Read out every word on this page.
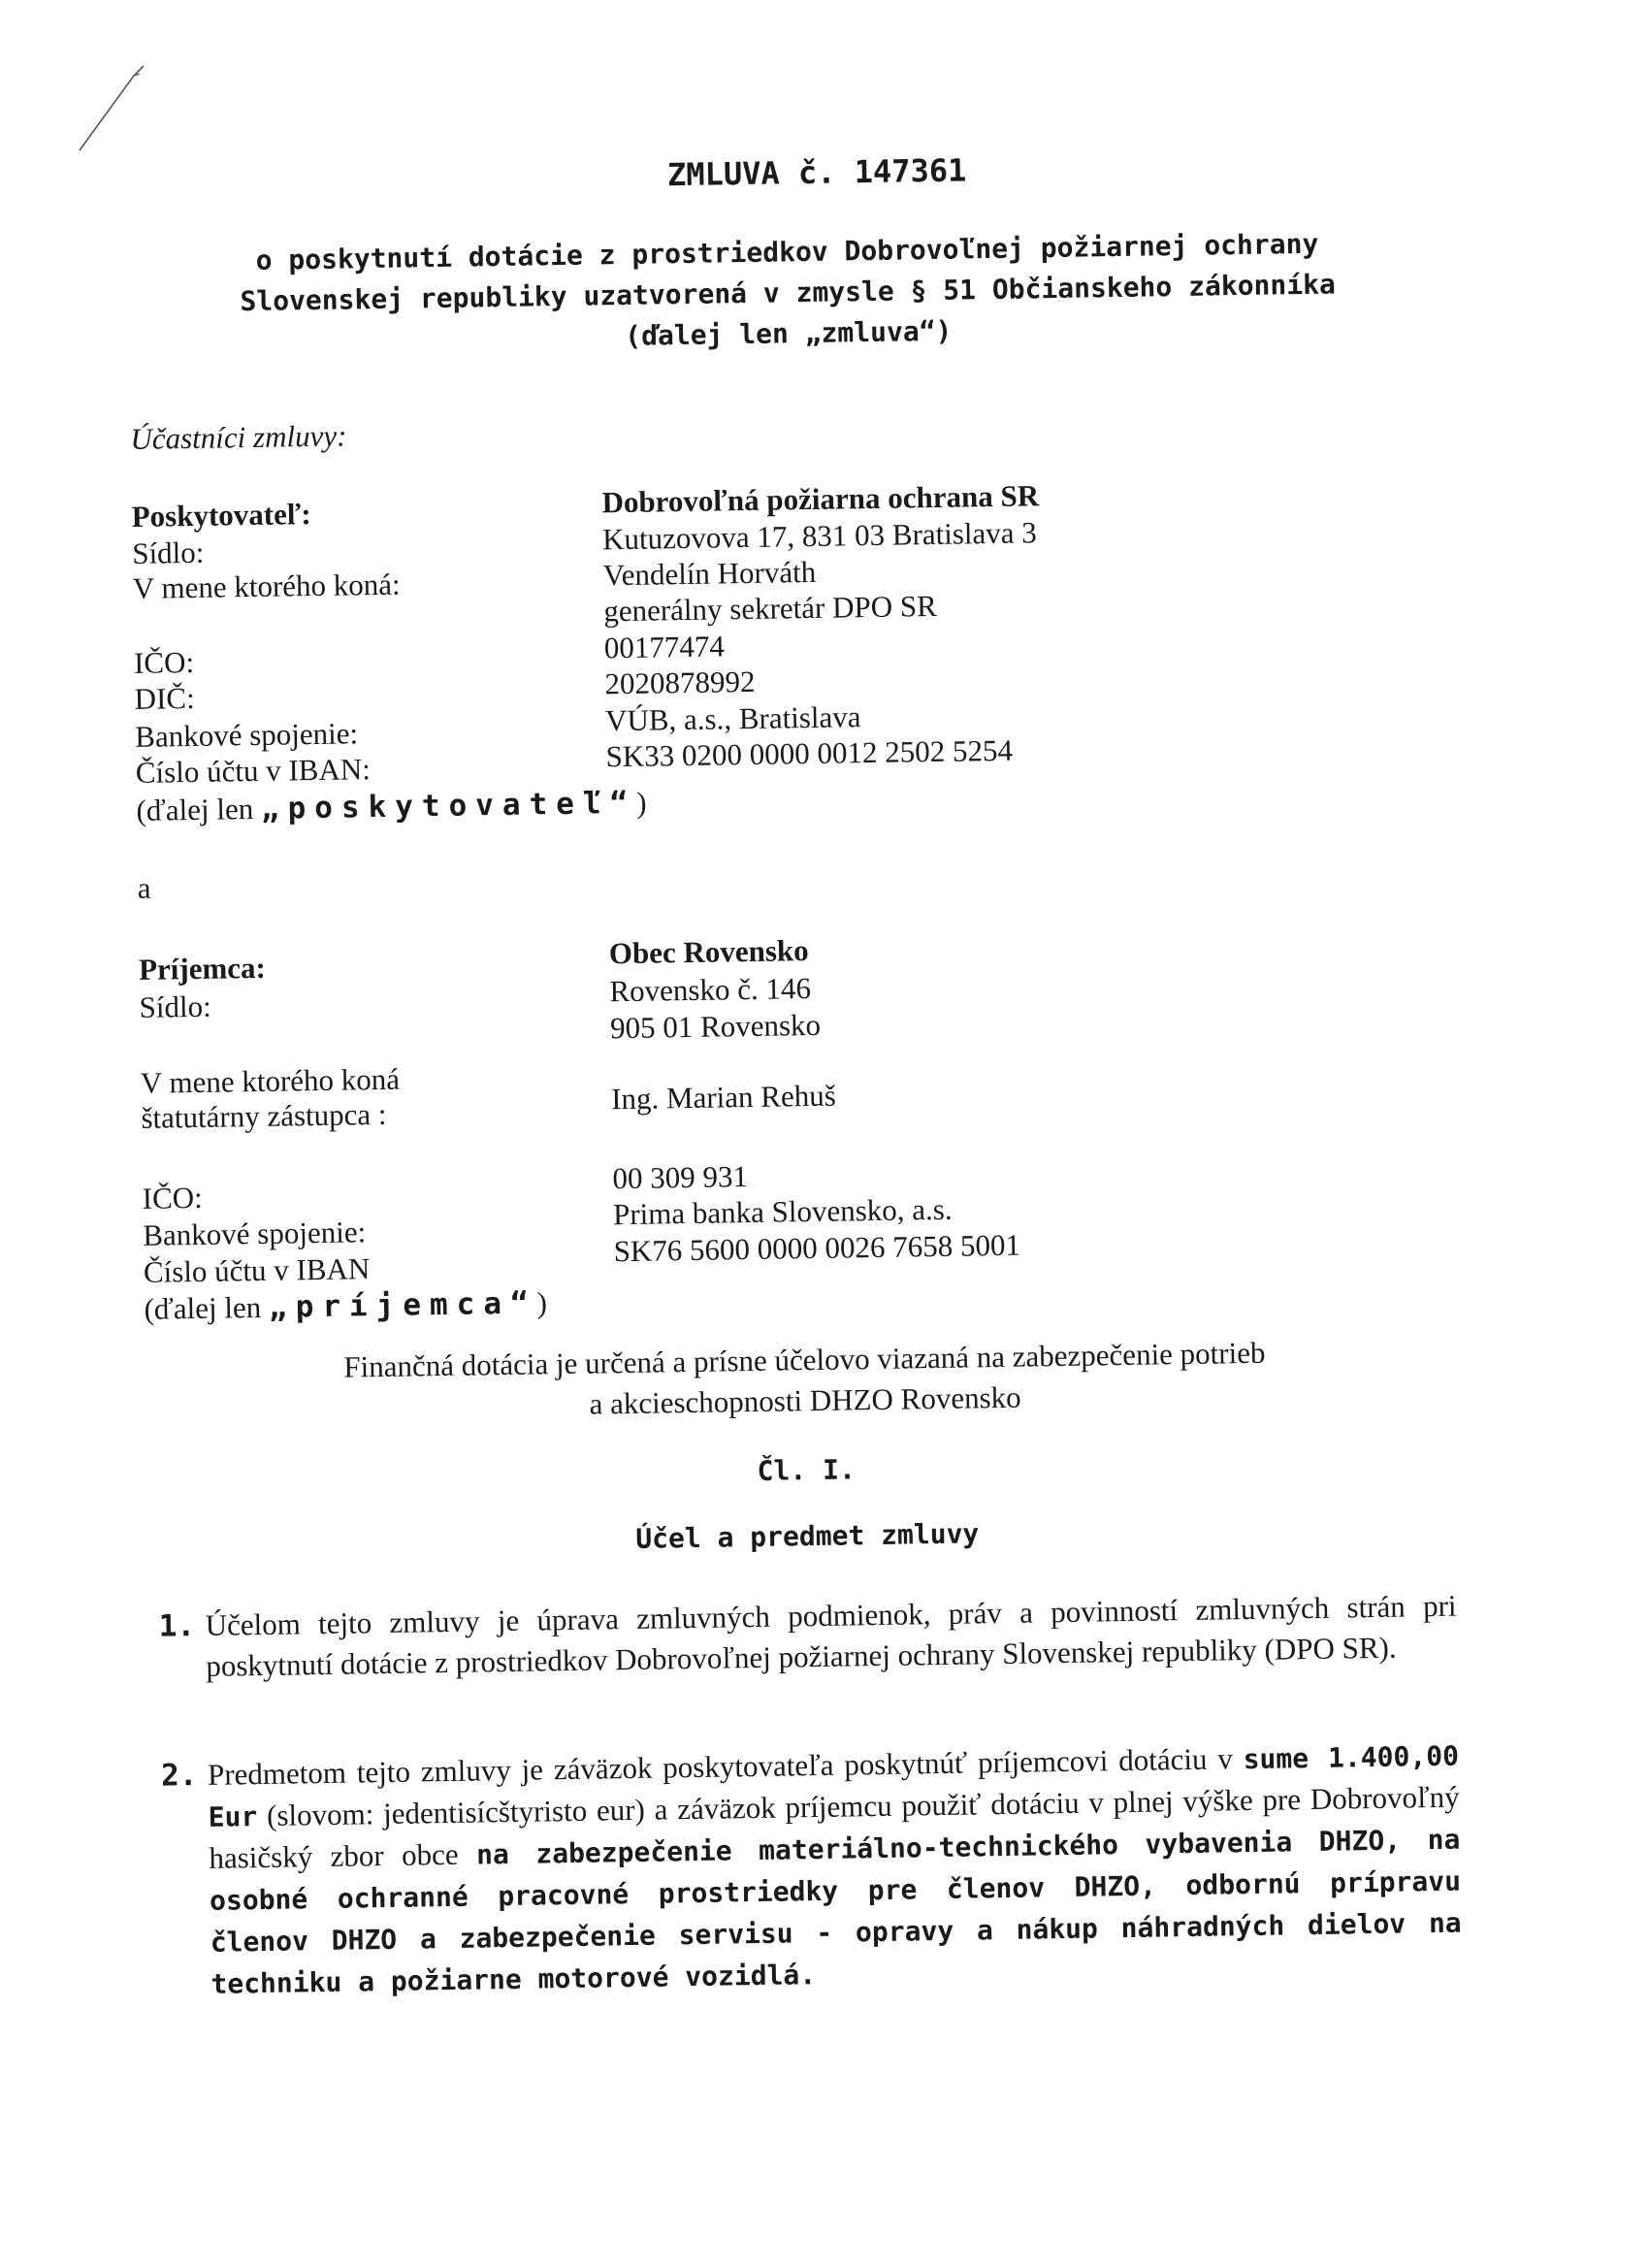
ZMLUVA č. 147361
o poskytnutí dotácie z prostriedkov Dobrovoľnej požiarnej ochrany
Slovenskej republiky uzatvorená v zmysle § 51 Občianskeho zákonníka
(ďalej len „zmluva“)
Účastníci zmluvy:
Poskytovateľ:	Dobrovoľná požiarna ochrana SR
Sídlo:	Kutuzovova 17, 831 03 Bratislava 3
V mene ktorého koná:	Vendelín Horváth
generálny sekretár DPO SR
IČO:	00177474
DIČ:	2020878992
Bankové spojenie:	VÚB, a.s., Bratislava
Číslo účtu v IBAN:	SK33 0200 0000 0012 2502 5254
(ďalej len „poskytovateľ“)
a
Príjemca:	Obec Rovensko
Sídlo:	Rovensko č. 146
905 01 Rovensko
V mene ktorého koná
štatutárny zástupca :	Ing. Marian Rehuš
IČO:
00 309 931
Bankové spojenie:
Prima banka Slovensko, a.s.
Číslo účtu v IBAN
SK76 5600 0000 0026 7658 5001
(ďalej len „príjemca“)
Finančná dotácia je určená a prísne účelovo viazaná na zabezpečenie potrieb
a akcieschopnosti DHZO Rovensko
Čl. I.
Účel a predmet zmluvy
1. Účelom tejto zmluvy je úprava zmluvných podmienok, práv a povinností zmluvných strán pri poskytnutí dotácie z prostriedkov Dobrovoľnej požiarnej ochrany Slovenskej republiky (DPO SR).
2. Predmetom tejto zmluvy je záväzok poskytovateľa poskytnúť príjemcovi dotáciu v sume 1.400,00 Eur (slovom: jedentisícštyristo eur) a záväzok príjemcu použiť dotáciu v plnej výške pre Dobrovoľný hasičský zbor obce na zabezpečenie materiálno-technického vybavenia DHZO, na osobné ochranné pracovné prostriedky pre členov DHZO, odbornú prípravu členov DHZO a zabezpečenie servisu - opravy a nákup náhradných dielov na techniku a požiarne motorové vozidlá.
